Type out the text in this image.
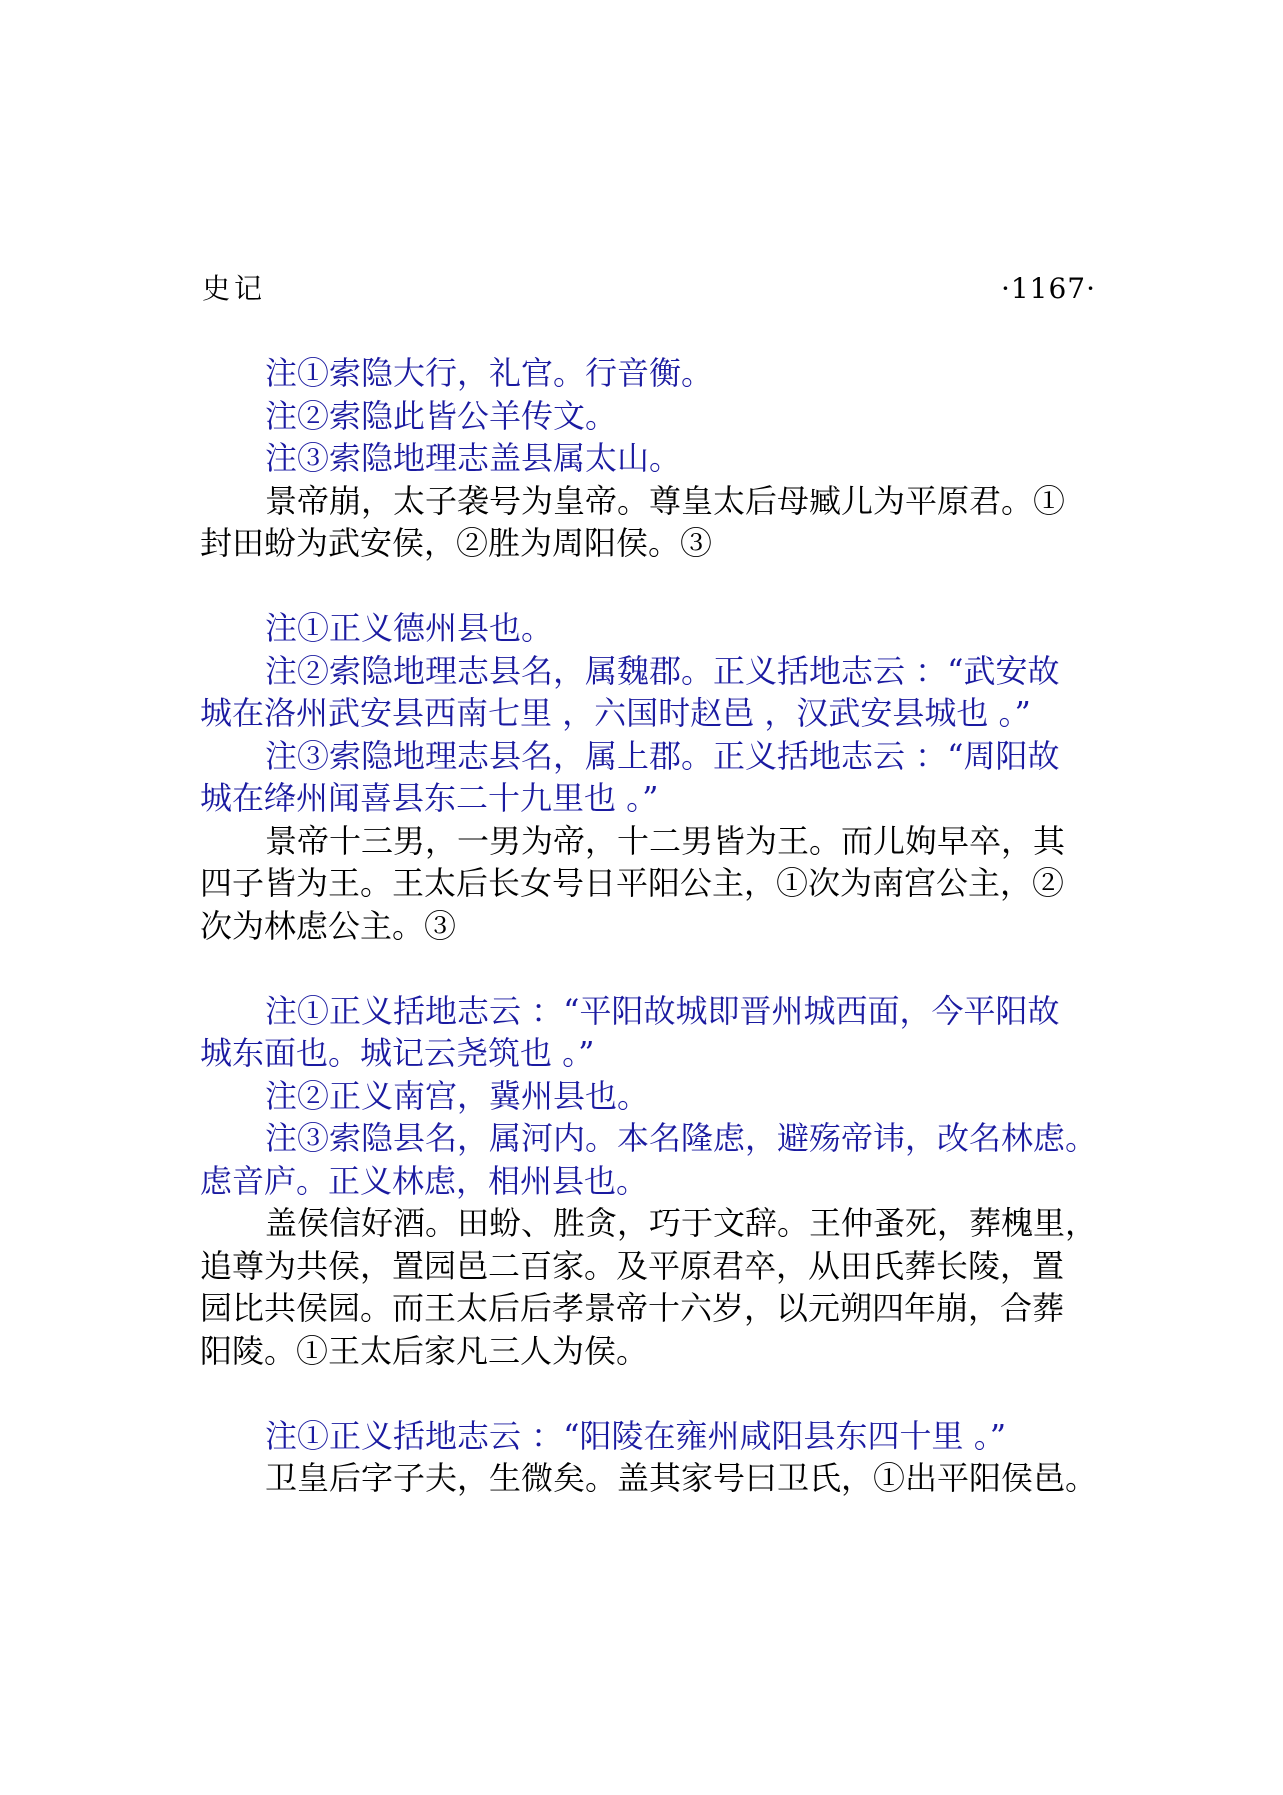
史记	·1167·
注①索隐大行，礼官。行音衡。
注②索隐此皆公羊传文。
注③索隐地理志盖县属太山。
景帝崩，太子袭号为皇帝。尊皇太后母臧儿为平原君。①
封田蚡为武安侯，②胜为周阳侯。③
注①正义德州县也。
注②索隐地理志县名，属魏郡。正义括地志云 ：“武安故
城在洛州武安县西南七里 ，六国时赵邑 ，汉武安县城也 。”
注③索隐地理志县名，属上郡。正义括地志云 ：“周阳故
城在绛州闻喜县东二十九里也 。”
景帝十三男，一男为帝，十二男皆为王。而儿姁早卒，其
四子皆为王。王太后长女号日平阳公主，①次为南宫公主，②
次为林虑公主。③
注①正义括地志云 ：“平阳故城即晋州城西面，今平阳故
城东面也。城记云尧筑也 。”
注②正义南宫，冀州县也。
注③索隐县名，属河内。本名隆虑，避殇帝讳，改名林虑。
虑音庐。正义林虑，相州县也。
盖侯信好酒。田蚡、胜贪，巧于文辞。王仲蚤死，葬槐里，
追尊为共侯，置园邑二百家。及平原君卒，从田氏葬长陵，置
园比共侯园。而王太后后孝景帝十六岁，以元朔四年崩，合葬
阳陵。①王太后家凡三人为侯。
注①正义括地志云 ：“阳陵在雍州咸阳县东四十里 。”
卫皇后字子夫，生微矣。盖其家号曰卫氏，①出平阳侯邑。
